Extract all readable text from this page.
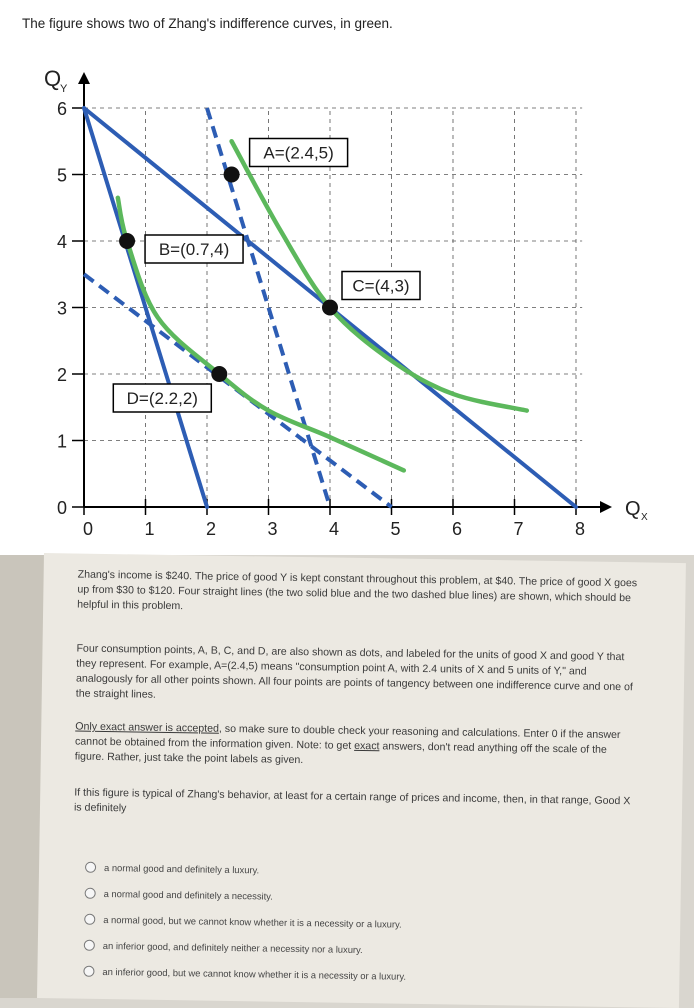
The figure shows two of Zhang's indifference curves, in green.
0	1	2	3	4	5	6	7	8
0
1
2
3
4
5
6
Q
Y
Q X
A=(2.4,5)
B=(0.7,4)
C=(4,3)
D=(2.2,2)

Zhang's income is $240. The price of good Y is kept constant throughout this problem, at $40. The price of good X goes up from $30 to $120. Four straight lines (the two solid blue and the two dashed blue lines) are shown, which should be helpful in this problem.

Four consumption points, A, B, C, and D, are also shown as dots, and labeled for the units of good X and good Y that they represent. For example, A=(2.4,5) means "consumption point A, with 2.4 units of X and 5 units of Y," and analogously for all other points shown. All four points are points of tangency between one indifference curve and one of the straight lines.

Only exact answer is accepted, so make sure to double check your reasoning and calculations. Enter 0 if the answer cannot be obtained from the information given. Note: to get exact answers, don't read anything off the scale of the figure. Rather, just take the point labels as given.

If this figure is typical of Zhang's behavior, at least for a certain range of prices and income, then, in that range, Good X is definitely

a normal good and definitely a luxury.
a normal good and definitely a necessity.
a normal good, but we cannot know whether it is a necessity or a luxury.
an inferior good, and definitely neither a necessity nor a luxury.
an inferior good, but we cannot know whether it is a necessity or a luxury.
